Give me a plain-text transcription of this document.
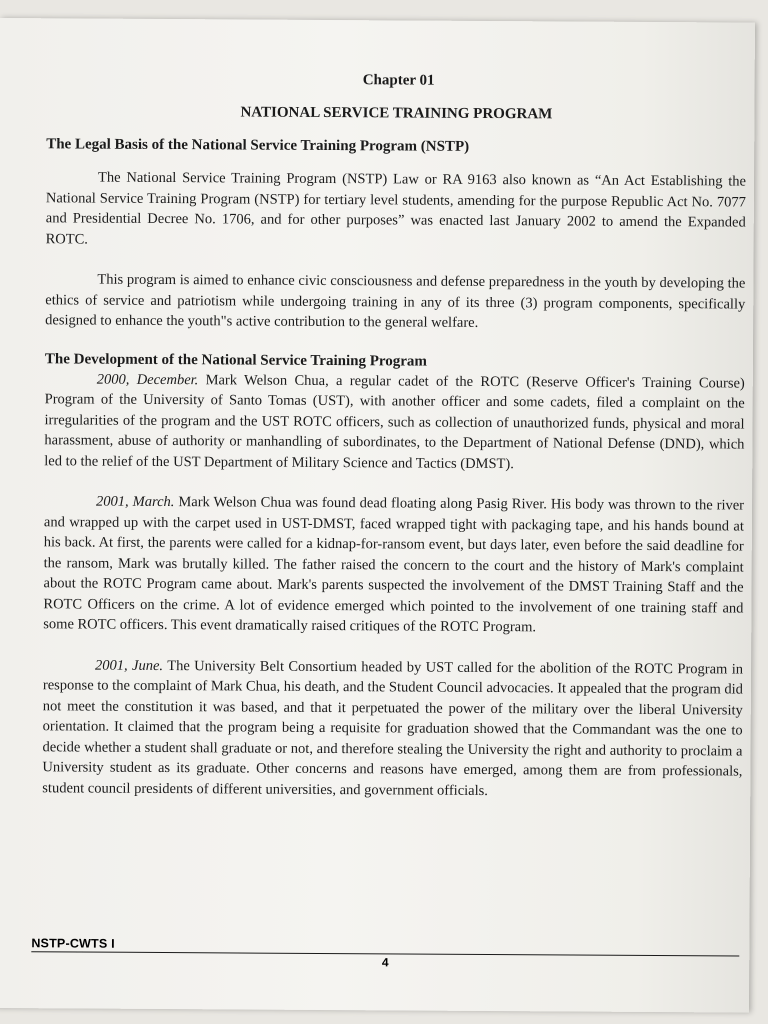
Chapter 01
NATIONAL SERVICE TRAINING PROGRAM
The Legal Basis of the National Service Training Program (NSTP)

The National Service Training Program (NSTP) Law or RA 9163 also known as “An Act Establishing the National Service Training Program (NSTP) for tertiary level students, amending for the purpose Republic Act No. 7077 and Presidential Decree No. 1706, and for other purposes” was enacted last January 2002 to amend the Expanded ROTC.

This program is aimed to enhance civic consciousness and defense preparedness in the youth by developing the ethics of service and patriotism while undergoing training in any of its three (3) program components, specifically designed to enhance the youth"s active contribution to the general welfare.

The Development of the National Service Training Program

2000, December. Mark Welson Chua, a regular cadet of the ROTC (Reserve Officer's Training Course) Program of the University of Santo Tomas (UST), with another officer and some cadets, filed a complaint on the irregularities of the program and the UST ROTC officers, such as collection of unauthorized funds, physical and moral harassment, abuse of authority or manhandling of subordinates, to the Department of National Defense (DND), which led to the relief of the UST Department of Military Science and Tactics (DMST).

2001, March. Mark Welson Chua was found dead floating along Pasig River. His body was thrown to the river and wrapped up with the carpet used in UST-DMST, faced wrapped tight with packaging tape, and his hands bound at his back. At first, the parents were called for a kidnap-for-ransom event, but days later, even before the said deadline for the ransom, Mark was brutally killed. The father raised the concern to the court and the history of Mark's complaint about the ROTC Program came about. Mark's parents suspected the involvement of the DMST Training Staff and the ROTC Officers on the crime. A lot of evidence emerged which pointed to the involvement of one training staff and some ROTC officers. This event dramatically raised critiques of the ROTC Program.

2001, June. The University Belt Consortium headed by UST called for the abolition of the ROTC Program in response to the complaint of Mark Chua, his death, and the Student Council advocacies. It appealed that the program did not meet the constitution it was based, and that it perpetuated the power of the military over the liberal University orientation. It claimed that the program being a requisite for graduation showed that the Commandant was the one to decide whether a student shall graduate or not, and therefore stealing the University the right and authority to proclaim a University student as its graduate. Other concerns and reasons have emerged, among them are from professionals, student council presidents of different universities, and government officials.

NSTP-CWTS I
4
